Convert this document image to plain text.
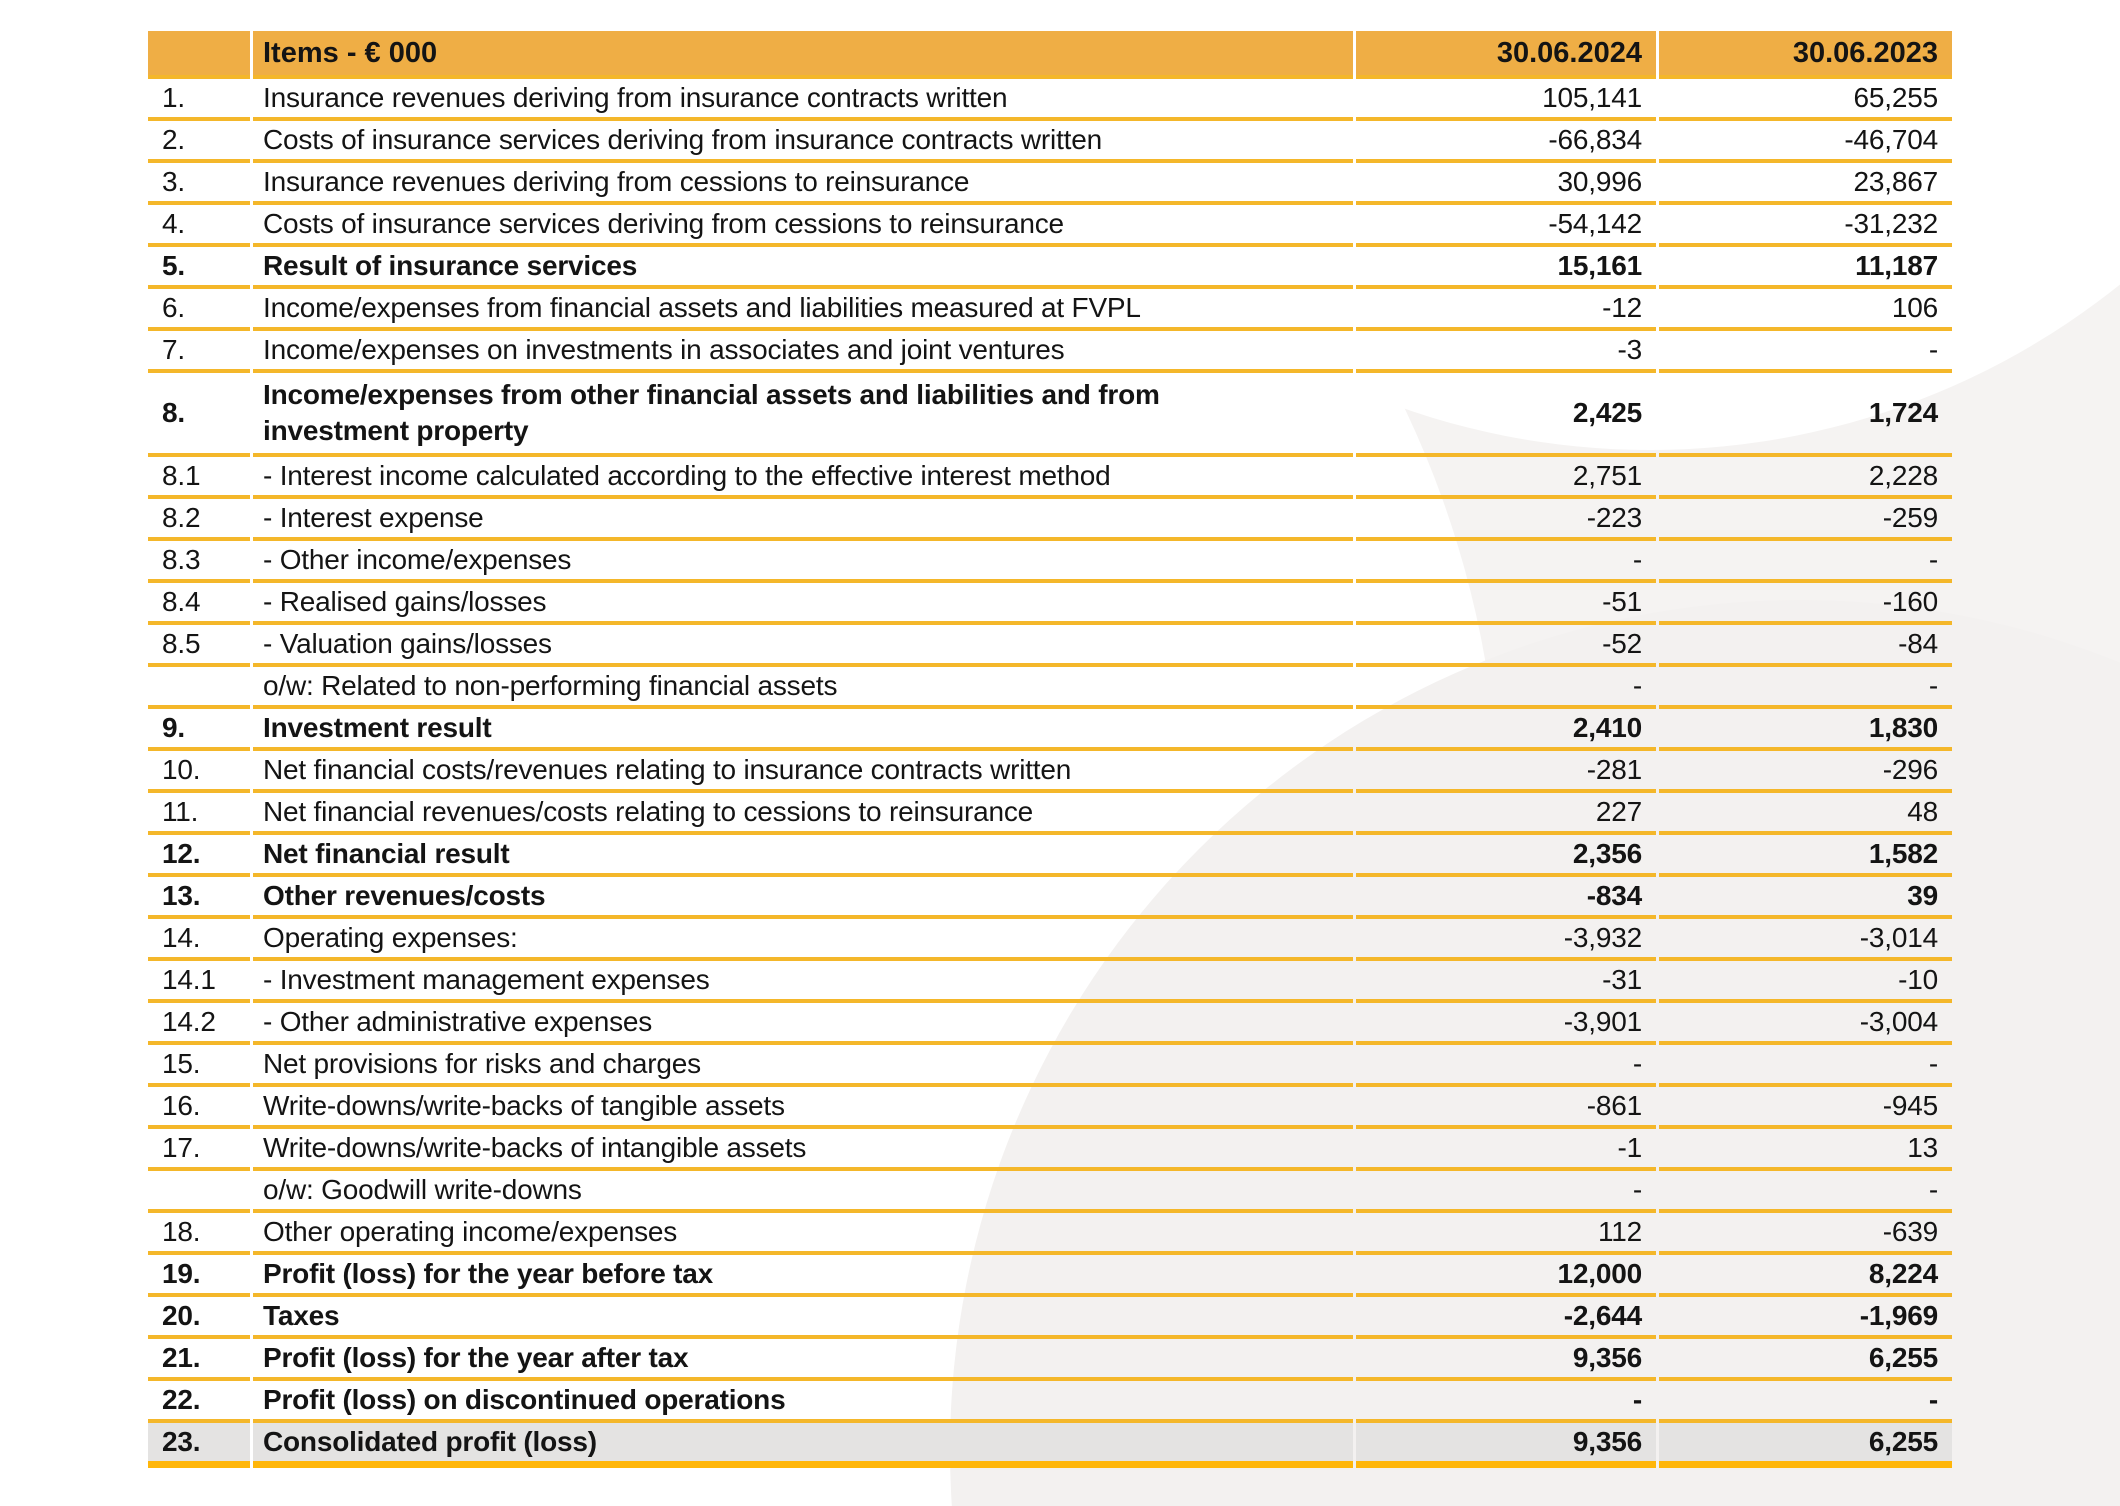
	Items - € 000	30.06.2024	30.06.2023
1.	Insurance revenues deriving from insurance contracts written	105,141	65,255
2.	Costs of insurance services deriving from insurance contracts written	-66,834	-46,704
3.	Insurance revenues deriving from cessions to reinsurance	30,996	23,867
4.	Costs of insurance services deriving from cessions to reinsurance	-54,142	-31,232
5.	Result of insurance services	15,161	11,187
6.	Income/expenses from financial assets and liabilities measured at FVPL	-12	106
7.	Income/expenses on investments in associates and joint ventures	-3	-
8.	Income/expenses from other financial assets and liabilities and from investment property	2,425	1,724
8.1	- Interest income calculated according to the effective interest method	2,751	2,228
8.2	- Interest expense	-223	-259
8.3	- Other income/expenses	-	-
8.4	- Realised gains/losses	-51	-160
8.5	- Valuation gains/losses	-52	-84
	o/w: Related to non-performing financial assets	-	-
9.	Investment result	2,410	1,830
10.	Net financial costs/revenues relating to insurance contracts written	-281	-296
11.	Net financial revenues/costs relating to cessions to reinsurance	227	48
12.	Net financial result	2,356	1,582
13.	Other revenues/costs	-834	39
14.	Operating expenses:	-3,932	-3,014
14.1	- Investment management expenses	-31	-10
14.2	- Other administrative expenses	-3,901	-3,004
15.	Net provisions for risks and charges	-	-
16.	Write-downs/write-backs of tangible assets	-861	-945
17.	Write-downs/write-backs of intangible assets	-1	13
	o/w: Goodwill write-downs	-	-
18.	Other operating income/expenses	112	-639
19.	Profit (loss) for the year before tax	12,000	8,224
20.	Taxes	-2,644	-1,969
21.	Profit (loss) for the year after tax	9,356	6,255
22.	Profit (loss) on discontinued operations	-	-
23.	Consolidated profit (loss)	9,356	6,255
